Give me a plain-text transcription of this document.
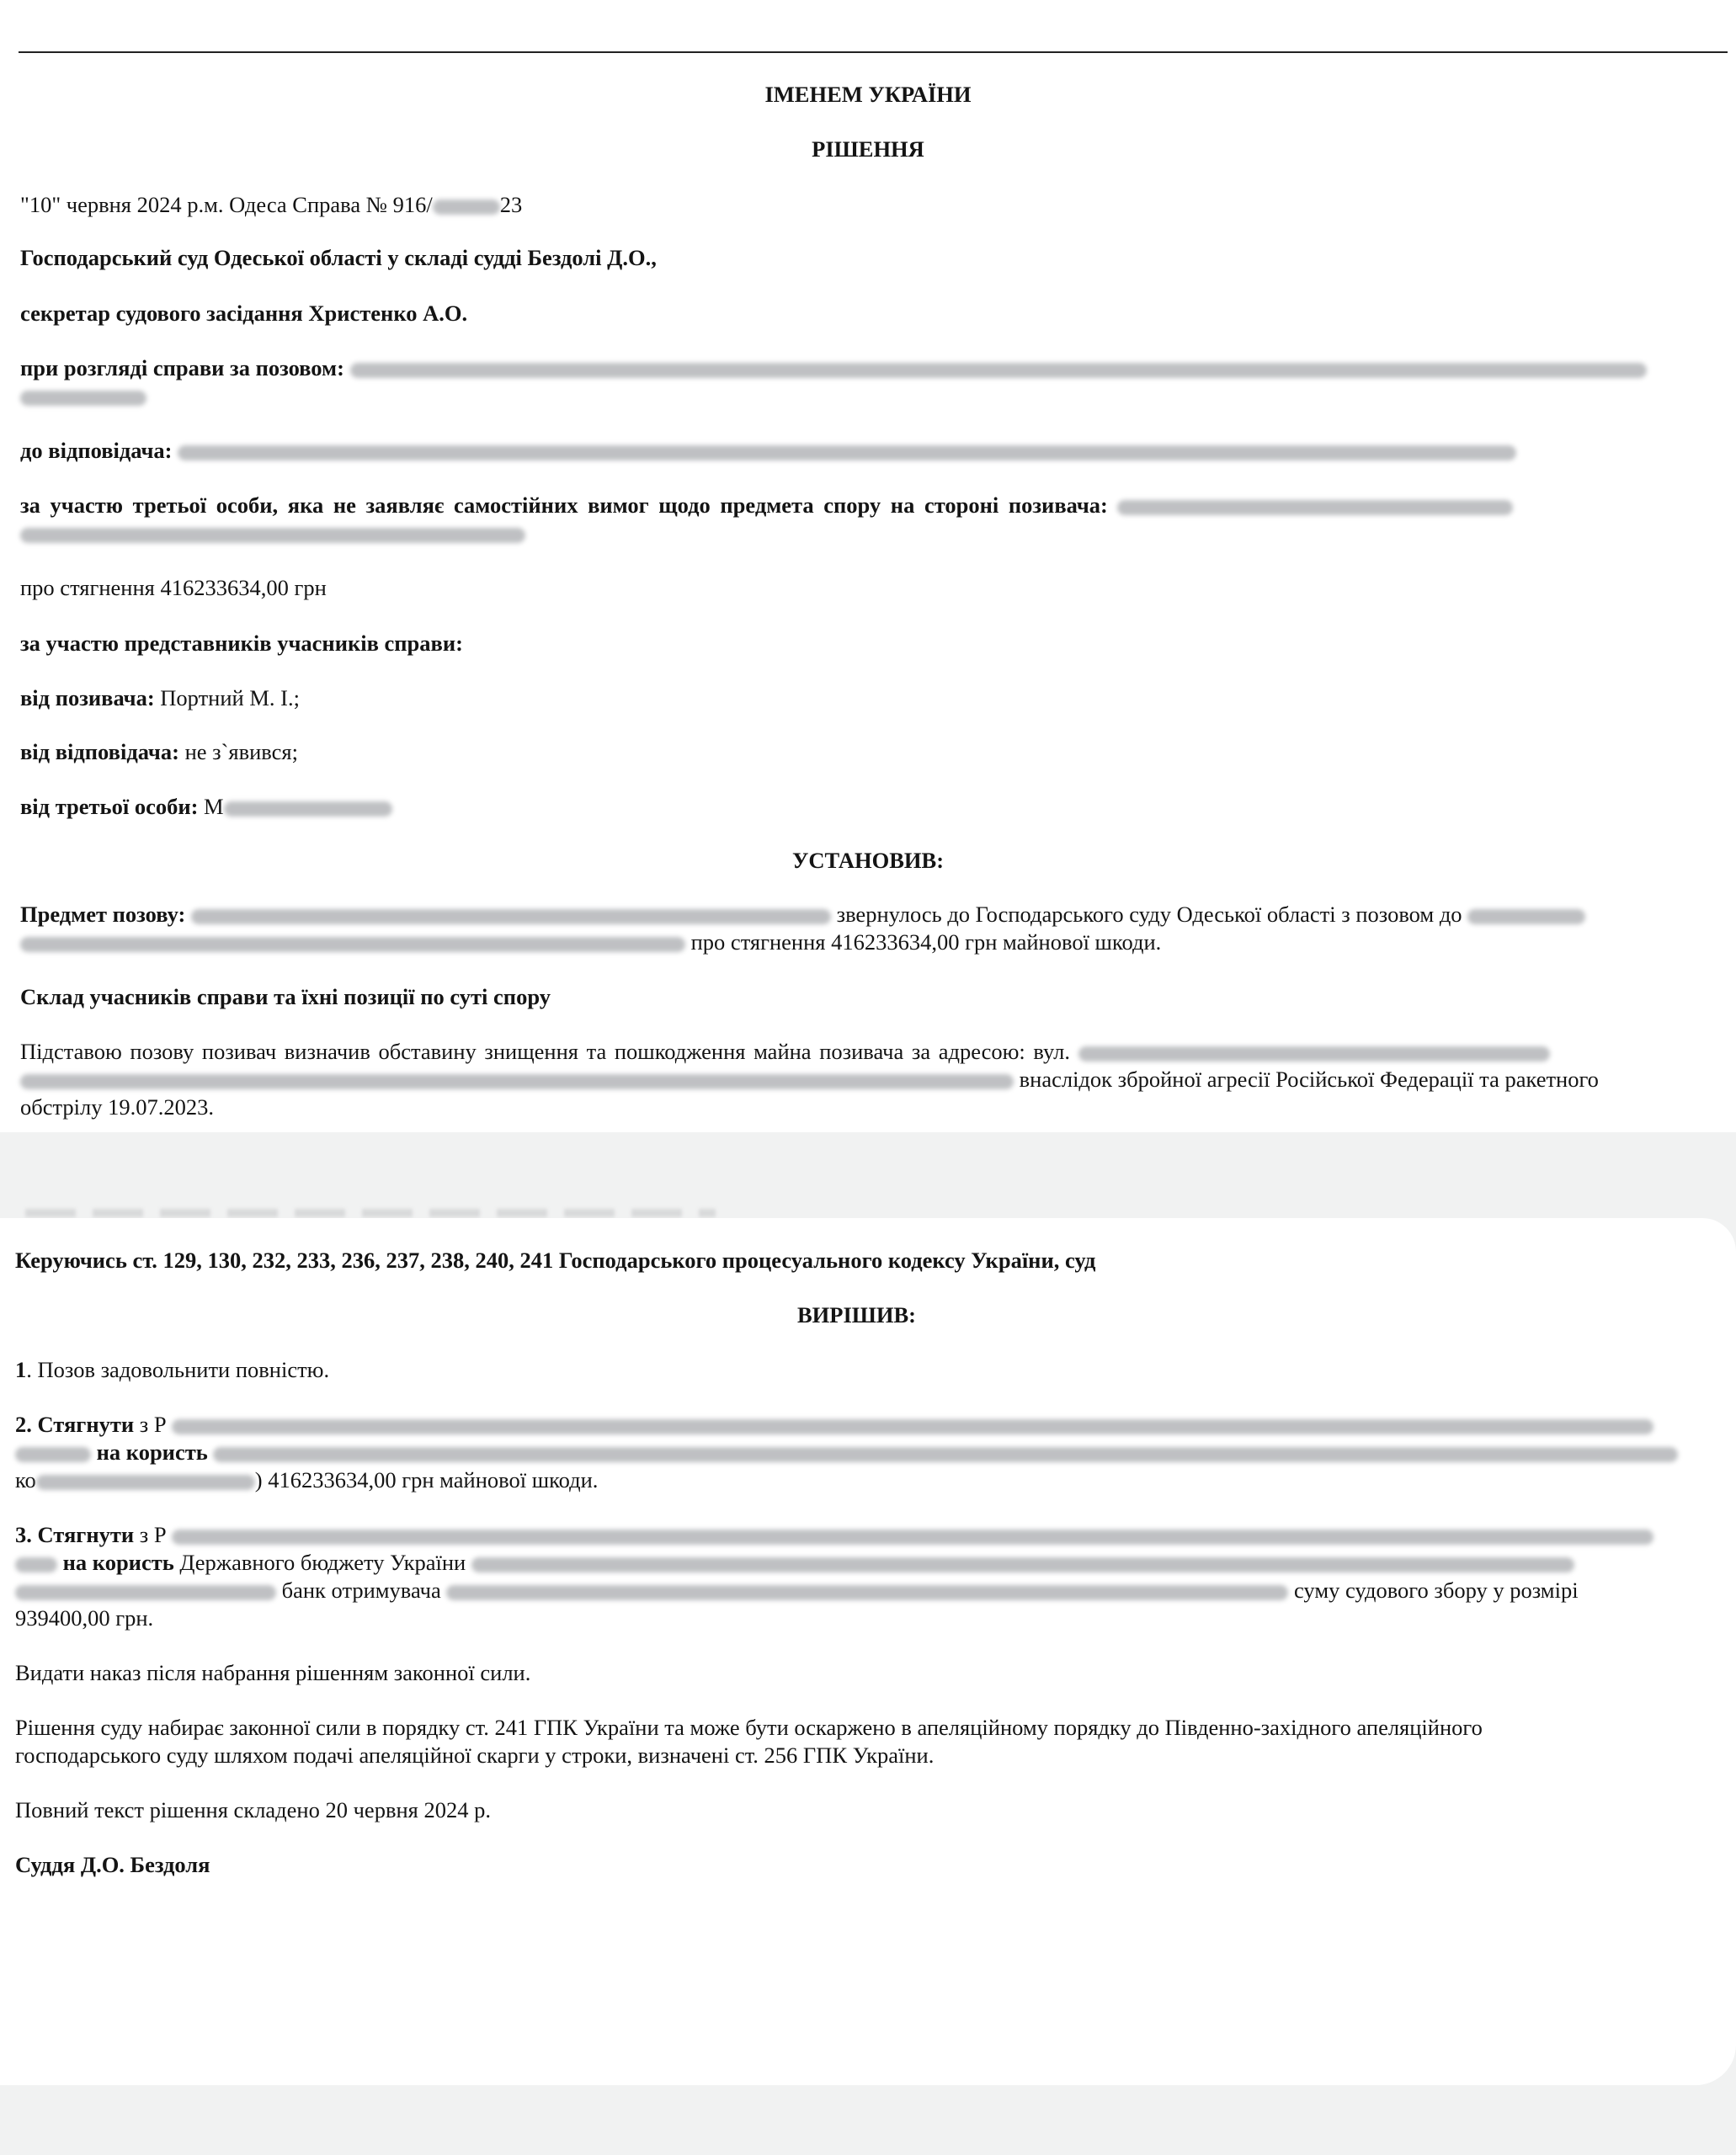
ІМЕНЕМ УКРАЇНИ
РІШЕННЯ
"10" червня 2024 р.м. Одеса Справа № 916/	23
Господарський суд Одеської області у складі судді Бездолі Д.О.,
секретар судового засідання Христенко А.О.
при розгляді справи за позовом:
до відповідача:
за участю третьої особи, яка не заявляє самостійних вимог щодо предмета спору на стороні позивача:
про стягнення 416233634,00 грн
за участю представників учасників справи:
від позивача: Портний М. І.;
від відповідача: не з`явився;
від третьої особи: М
УСТАНОВИВ:
Предмет позову:	звернулось до Господарського суду Одеської області з позовом до
про стягнення 416233634,00 грн майнової шкоди.
Склад учасників справи та їхні позиції по суті спору
Підставою позову позивач визначив обставину знищення та пошкодження майна позивача за адресою: вул.
внаслідок збройної агресії Російської Федерації та ракетного
обстрілу 19.07.2023.
Керуючись ст. 129, 130, 232, 233, 236, 237, 238, 240, 241 Господарського процесуального кодексу України, суд
ВИРІШИВ:
1. Позов задовольнити повністю.
2. Стягнути з Р
на користь
ко	) 416233634,00 грн майнової шкоди.
3. Стягнути з Р
на користь Державного бюджету України
банк отримувача	суму судового збору у розмірі
939400,00 грн.
Видати наказ після набрання рішенням законної сили.
Рішення суду набирає законної сили в порядку ст. 241 ГПК України та може бути оскаржено в апеляційному порядку до Південно-західного апеляційного
господарського суду шляхом подачі апеляційної скарги у строки, визначені ст. 256 ГПК України.
Повний текст рішення складено 20 червня 2024 р.
Суддя Д.О. Бездоля
